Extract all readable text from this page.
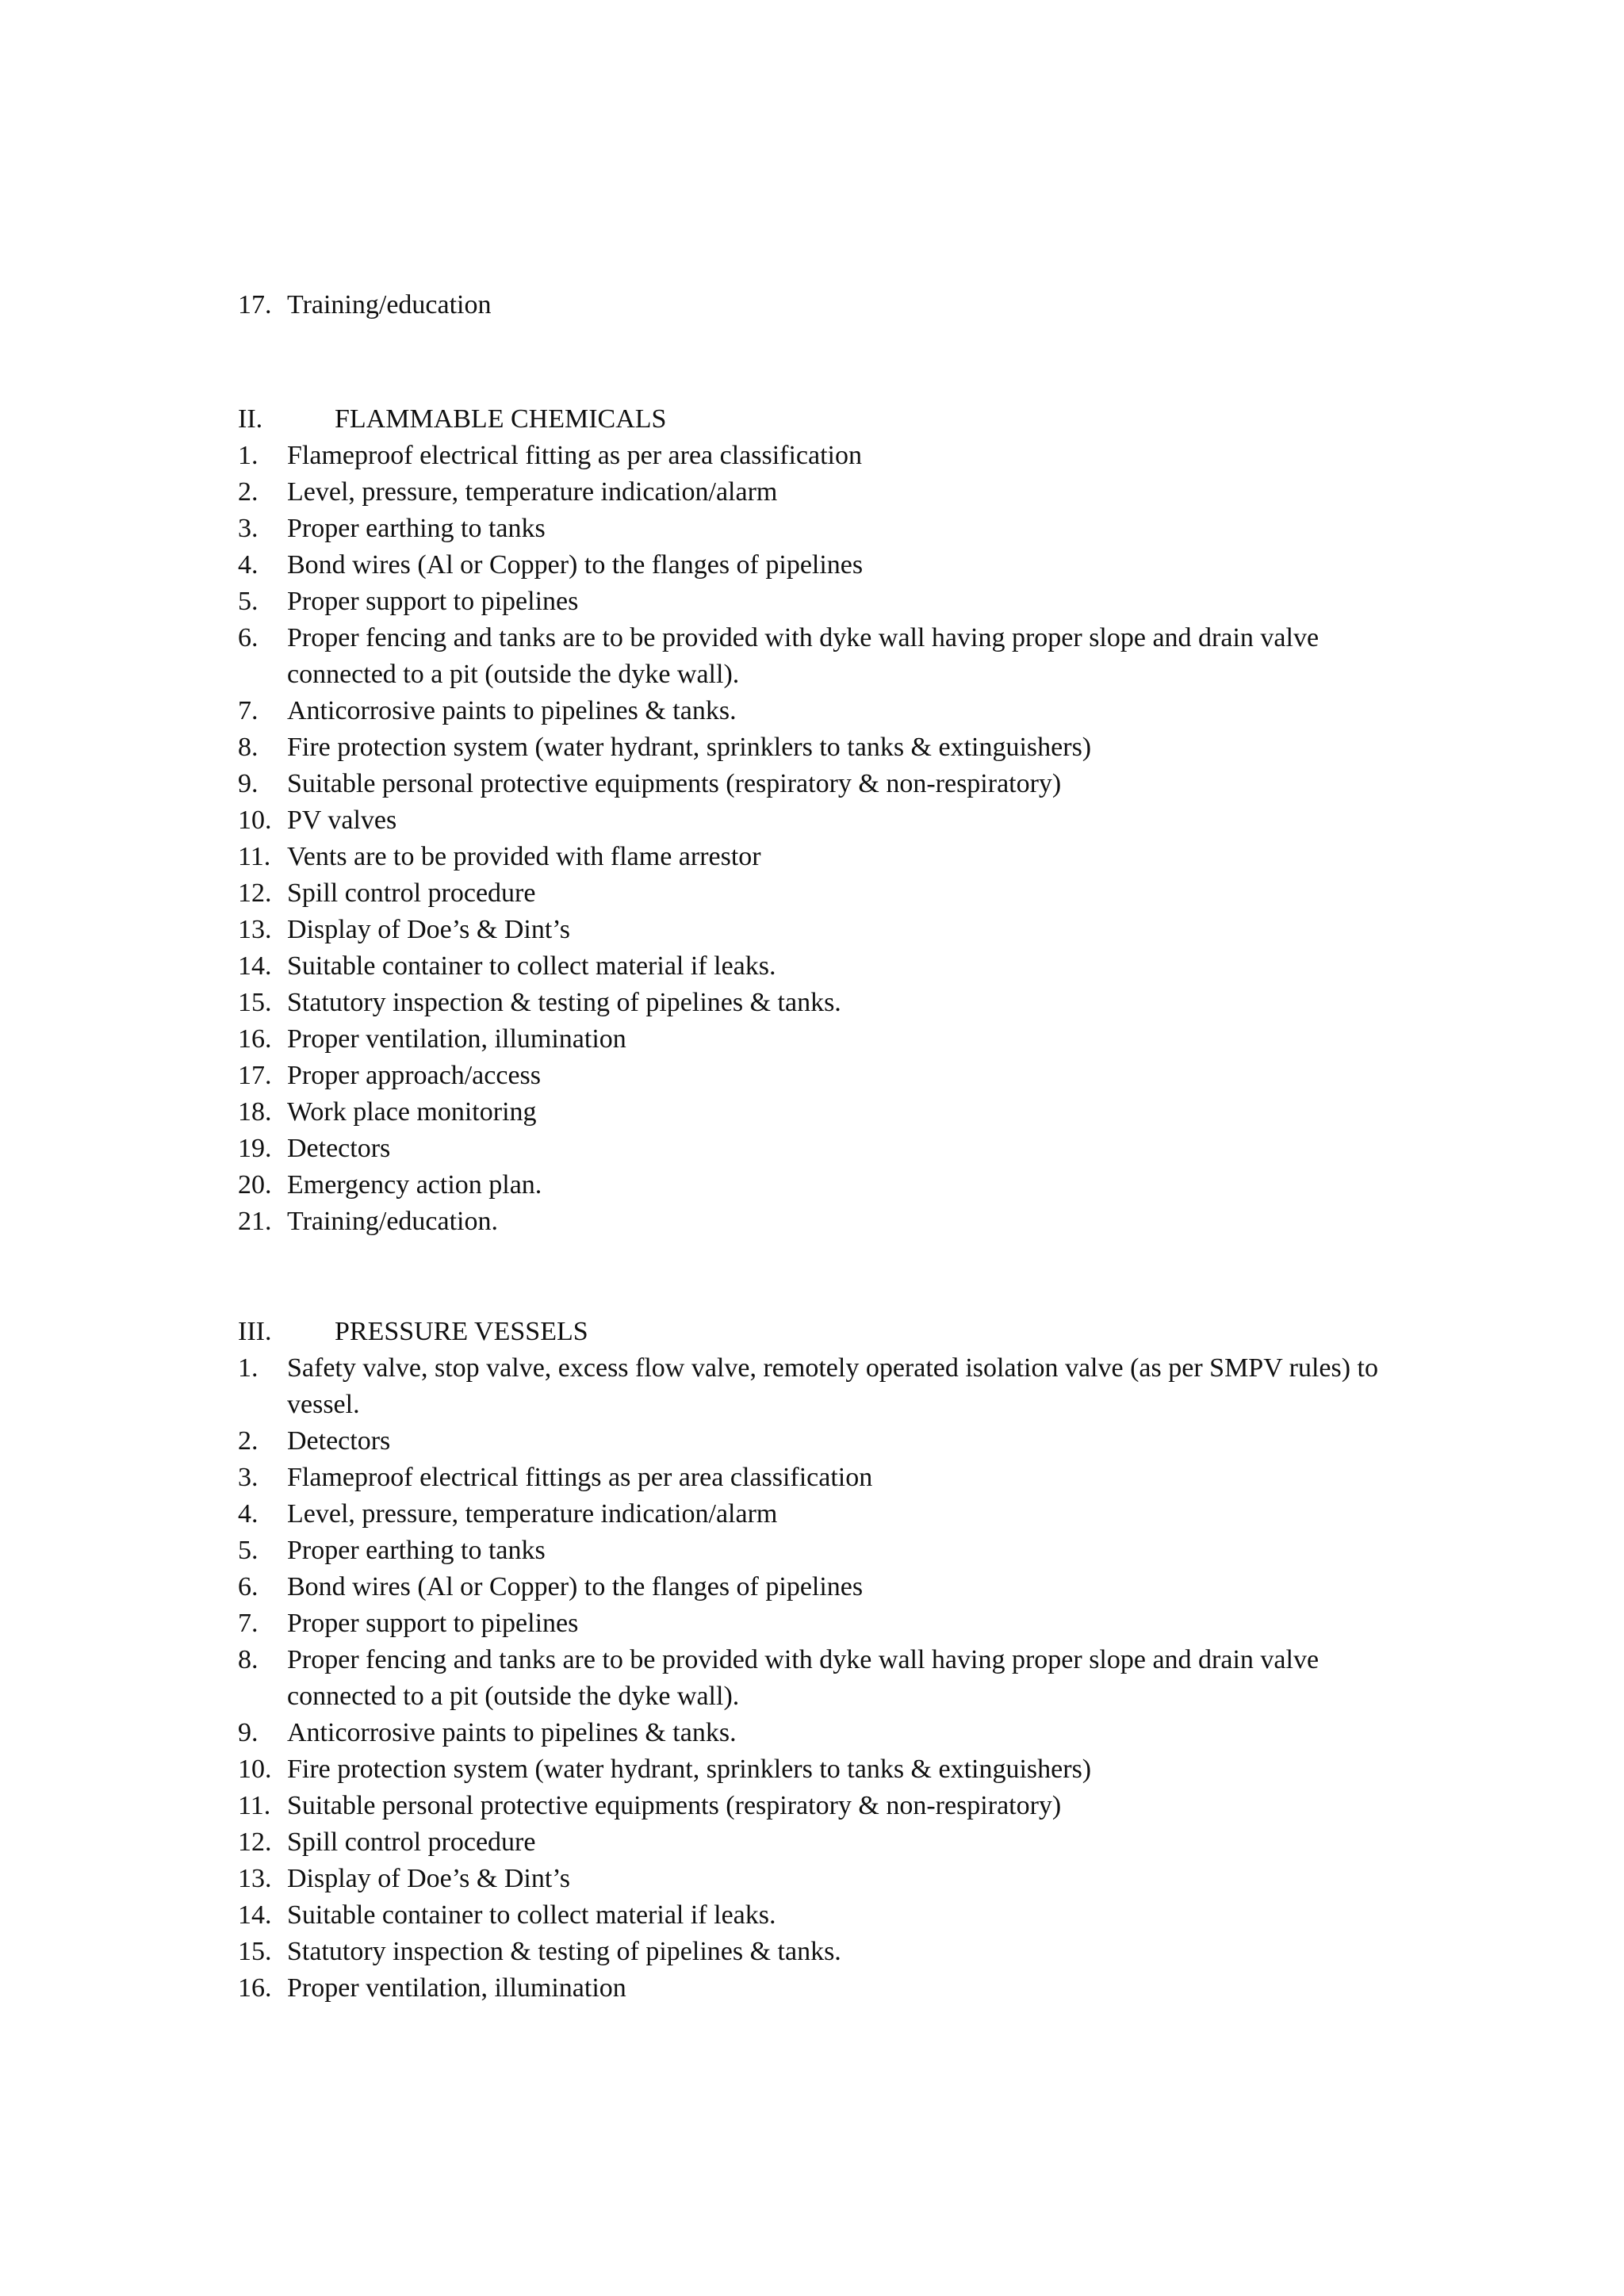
17. Training/education
II.	FLAMMABLE CHEMICALS
1.	Flameproof electrical fitting as per area classification
2.	Level, pressure, temperature indication/alarm
3.	Proper earthing to tanks
4.	Bond wires (Al or Copper) to the flanges of pipelines
5.	Proper support to pipelines
6.	Proper fencing and tanks are to be provided with dyke wall having proper slope and drain valve connected to a pit (outside the dyke wall).
7.	Anticorrosive paints to pipelines & tanks.
8.	Fire protection system (water hydrant, sprinklers to tanks & extinguishers)
9.	Suitable personal protective equipments (respiratory & non-respiratory)
10. PV valves
11. Vents are to be provided with flame arrestor
12. Spill control procedure
13. Display of Doe’s & Dint’s
14. Suitable container to collect material if leaks.
15. Statutory inspection & testing of pipelines & tanks.
16. Proper ventilation, illumination
17. Proper approach/access
18. Work place monitoring
19. Detectors
20. Emergency action plan.
21. Training/education.
III.	PRESSURE VESSELS
1.	Safety valve, stop valve, excess flow valve, remotely operated isolation valve (as per SMPV rules) to vessel.
2.	Detectors
3.	Flameproof electrical fittings as per area classification
4.	Level, pressure, temperature indication/alarm
5.	Proper earthing to tanks
6.	Bond wires (Al or Copper) to the flanges of pipelines
7.	Proper support to pipelines
8.	Proper fencing and tanks are to be provided with dyke wall having proper slope and drain valve connected to a pit (outside the dyke wall).
9.	Anticorrosive paints to pipelines & tanks.
10. Fire protection system (water hydrant, sprinklers to tanks & extinguishers)
11. Suitable personal protective equipments (respiratory & non-respiratory)
12. Spill control procedure
13. Display of Doe’s & Dint’s
14. Suitable container to collect material if leaks.
15. Statutory inspection & testing of pipelines & tanks.
16. Proper ventilation, illumination
